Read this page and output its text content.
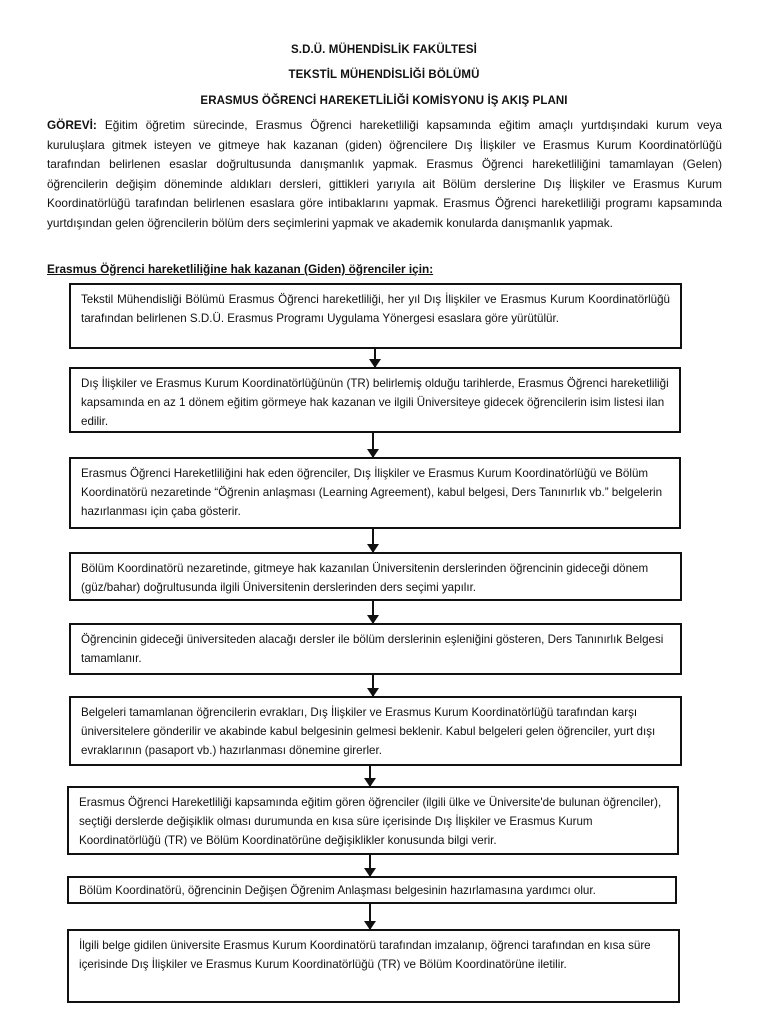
S.D.Ü. MÜHENDİSLİK FAKÜLTESİ
TEKSTİL MÜHENDİSLİĞİ BÖLÜMÜ
ERASMUS ÖĞRENCİ HAREKETLİLİĞİ KOMİSYONU İŞ AKIŞ PLANI
GÖREVİ: Eğitim öğretim sürecinde, Erasmus Öğrenci hareketliliği kapsamında eğitim amaçlı yurtdışındaki kurum veya kuruluşlara gitmek isteyen ve gitmeye hak kazanan (giden) öğrencilere Dış İlişkiler ve Erasmus Kurum Koordinatörlüğü tarafından belirlenen esaslar doğrultusunda danışmanlık yapmak. Erasmus Öğrenci hareketliliğini tamamlayan (Gelen) öğrencilerin değişim döneminde aldıkları dersleri, gittikleri yarıyıla ait Bölüm derslerine Dış İlişkiler ve Erasmus Kurum Koordinatörlüğü tarafından belirlenen esaslara göre intibaklarını yapmak. Erasmus Öğrenci hareketliliği programı kapsamında yurtdışından gelen öğrencilerin bölüm ders seçimlerini yapmak ve akademik konularda danışmanlık yapmak.
Erasmus Öğrenci hareketliliğine hak kazanan (Giden) öğrenciler için:
Tekstil Mühendisliği Bölümü Erasmus Öğrenci hareketliliği, her yıl Dış İlişkiler ve Erasmus Kurum Koordinatörlüğü tarafından belirlenen S.D.Ü. Erasmus Programı Uygulama Yönergesi esaslara göre yürütülür.
Dış İlişkiler ve Erasmus Kurum Koordinatörlüğünün (TR) belirlemiş olduğu tarihlerde, Erasmus Öğrenci hareketliliği kapsamında en az 1 dönem eğitim görmeye hak kazanan ve ilgili Üniversiteye gidecek öğrencilerin isim listesi ilan edilir.
Erasmus Öğrenci Hareketliliğini hak eden öğrenciler, Dış İlişkiler ve Erasmus Kurum Koordinatörlüğü ve Bölüm Koordinatörü nezaretinde “Öğrenin anlaşması (Learning Agreement), kabul belgesi, Ders Tanınırlık vb.” belgelerin hazırlanması için çaba gösterir.
Bölüm Koordinatörü nezaretinde, gitmeye hak kazanılan Üniversitenin derslerinden öğrencinin gideceği dönem (güz/bahar) doğrultusunda ilgili Üniversitenin derslerinden ders seçimi yapılır.
Öğrencinin gideceği üniversiteden alacağı dersler ile bölüm derslerinin eşleniğini gösteren, Ders Tanınırlık Belgesi tamamlanır.
Belgeleri tamamlanan öğrencilerin evrakları, Dış İlişkiler ve Erasmus Kurum Koordinatörlüğü tarafından karşı üniversitelere gönderilir ve akabinde kabul belgesinin gelmesi beklenir. Kabul belgeleri gelen öğrenciler, yurt dışı evraklarının (pasaport vb.) hazırlanması dönemine girerler.
Erasmus Öğrenci Hareketliliği kapsamında eğitim gören öğrenciler (ilgili ülke ve Üniversite'de bulunan öğrenciler), seçtiği derslerde değişiklik olması durumunda en kısa süre içerisinde Dış İlişkiler ve Erasmus Kurum Koordinatörlüğü (TR) ve Bölüm Koordinatörüne değişiklikler konusunda bilgi verir.
Bölüm Koordinatörü, öğrencinin Değişen Öğrenim Anlaşması belgesinin hazırlamasına yardımcı olur.
İlgili belge gidilen üniversite Erasmus Kurum Koordinatörü tarafından imzalanıp, öğrenci tarafından en kısa süre içerisinde Dış İlişkiler ve Erasmus Kurum Koordinatörlüğü (TR) ve Bölüm Koordinatörüne iletilir.
